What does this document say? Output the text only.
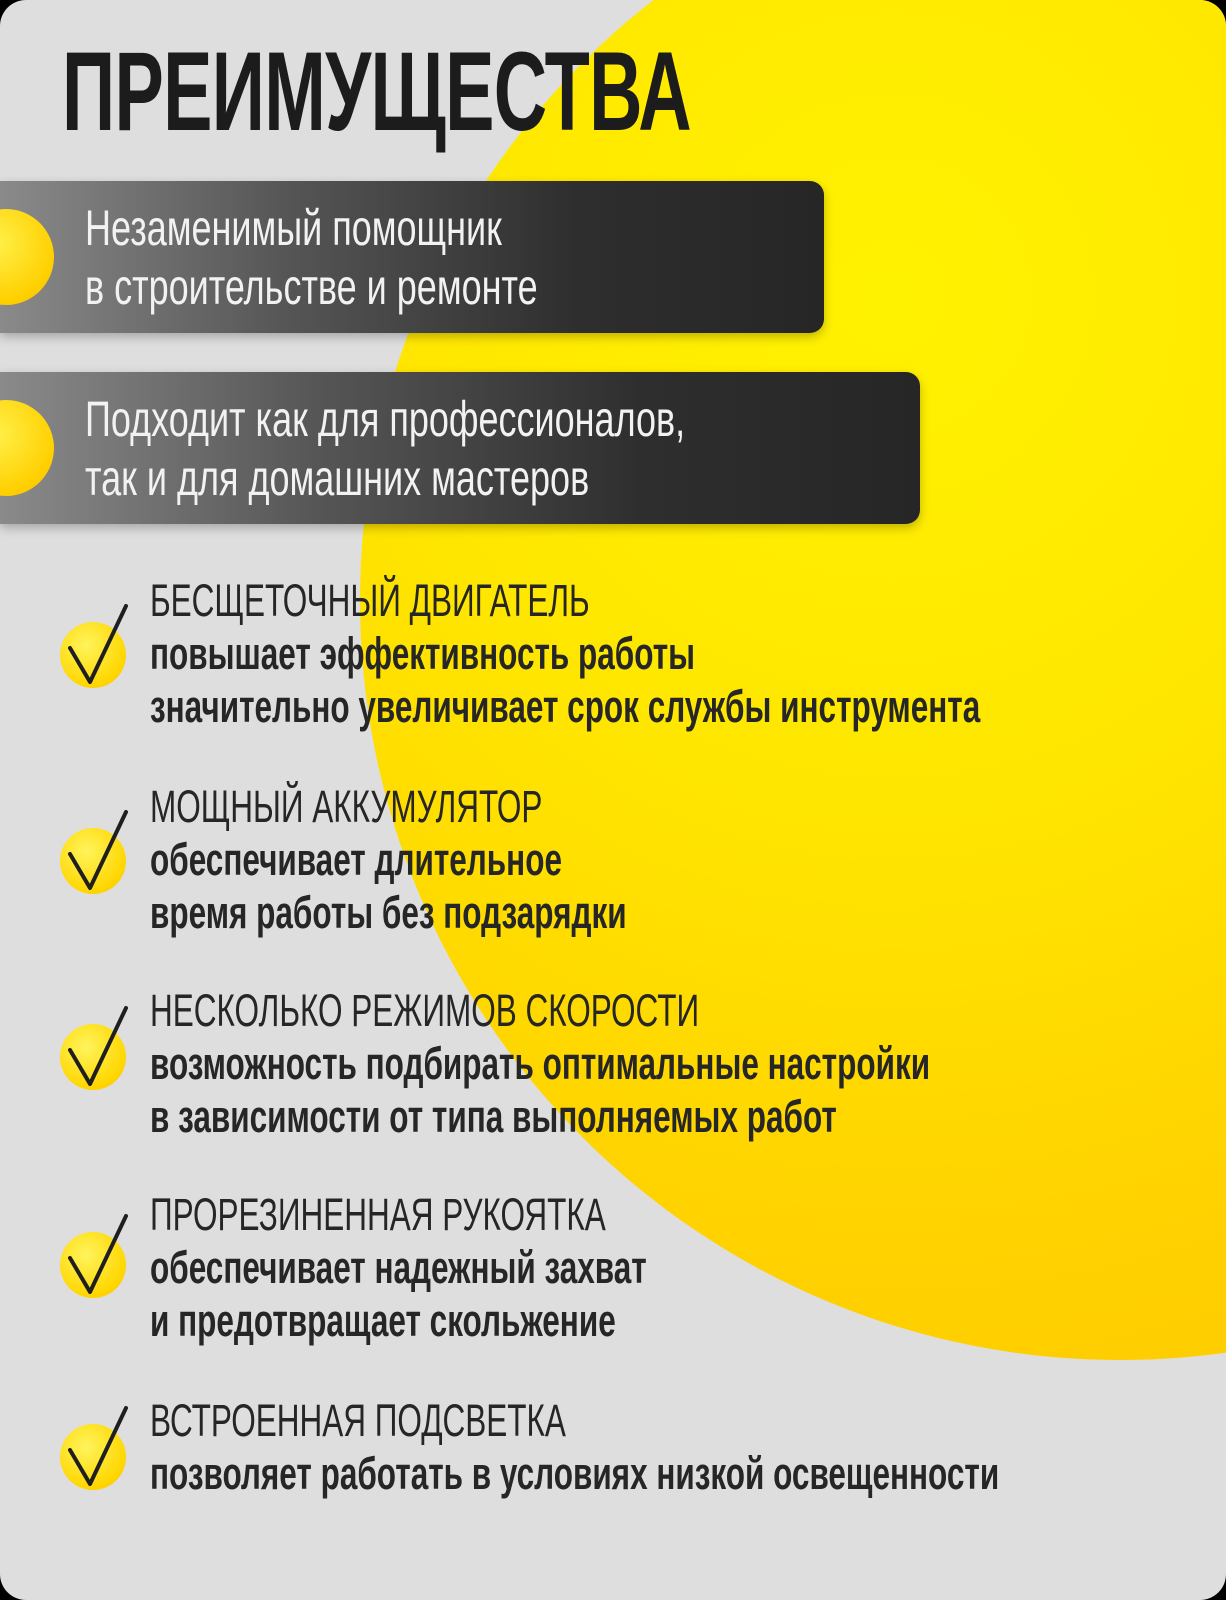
ПРЕИМУЩЕСТВА
Незаменимый помощник
в строительстве и ремонте
Подходит как для профессионалов,
так и для домашних мастеров
БЕСЩЕТОЧНЫЙ ДВИГАТЕЛЬ
повышает эффективность работы
значительно увеличивает срок службы инструмента
МОЩНЫЙ АККУМУЛЯТОР
обеспечивает длительное
время работы без подзарядки
НЕСКОЛЬКО РЕЖИМОВ СКОРОСТИ
возможность подбирать оптимальные настройки
в зависимости от типа выполняемых работ
ПРОРЕЗИНЕННАЯ РУКОЯТКА
обеспечивает надежный захват
и предотвращает скольжение
ВСТРОЕННАЯ ПОДСВЕТКА
позволяет работать в условиях низкой освещенности
